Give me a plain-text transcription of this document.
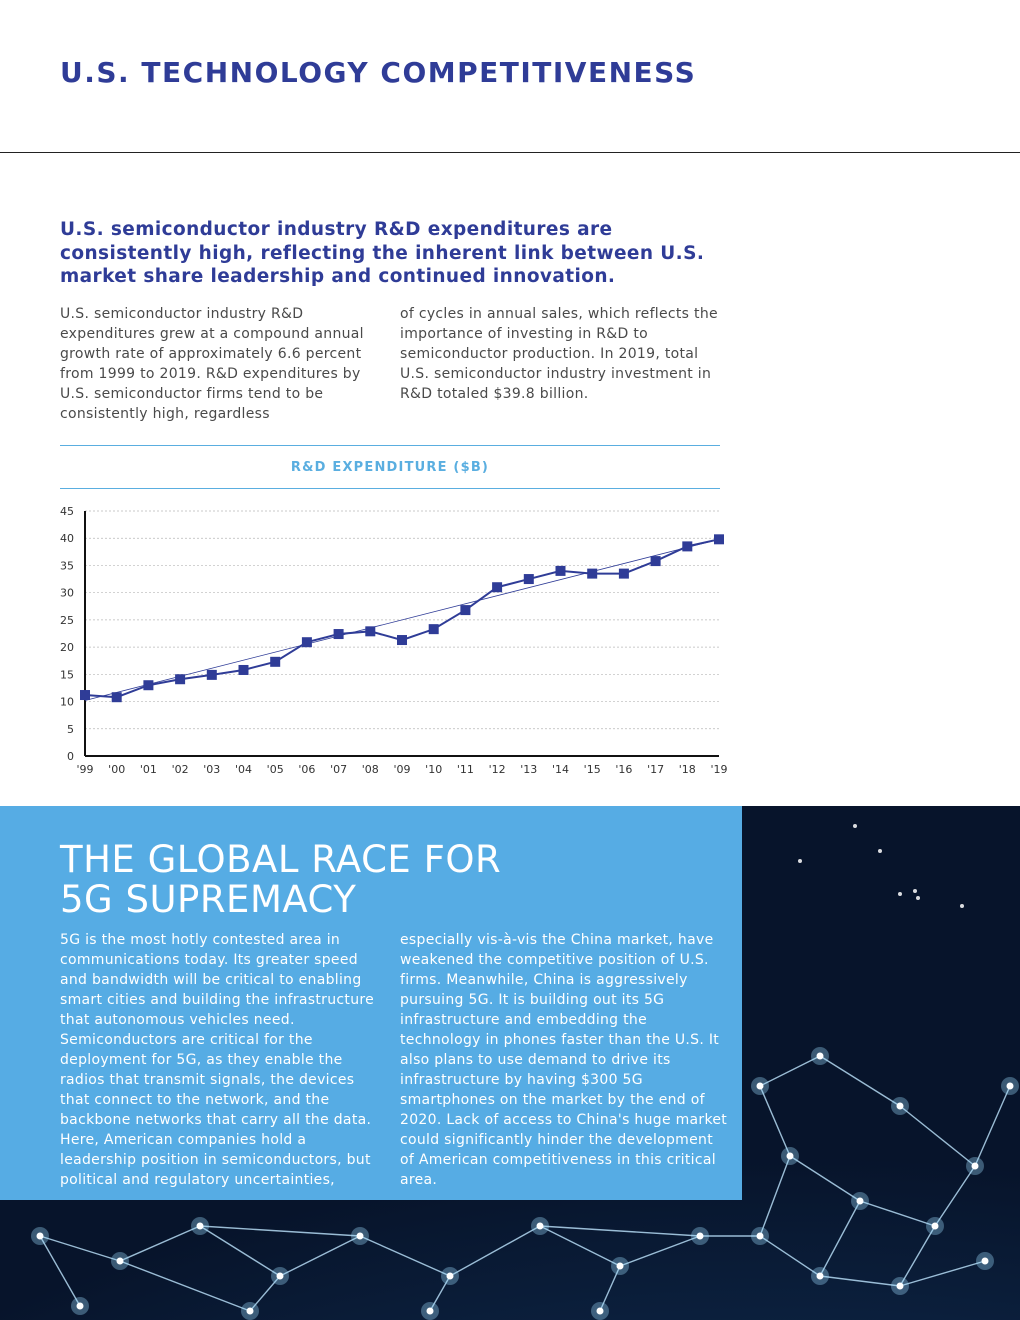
U.S. TECHNOLOGY COMPETITIVENESS
U.S. semiconductor industry R&D expenditures are consistently high, reflecting the inherent link between U.S. market share leadership and continued innovation.

U.S. semiconductor industry R&D expenditures grew at a compound annual growth rate of approximately 6.6 percent from 1999 to 2019. R&D expenditures by U.S. semiconductor firms tend to be consistently high, regardless

of cycles in annual sales, which reflects the importance of investing in R&D to semiconductor production. In 2019, total U.S. semiconductor industry investment in R&D totaled $39.8 billion.

R&D EXPENDITURE ($B)
0
5
10
15
20
25
30
35
40
45
'99 '00 '01 '02 '03 '04 '05 '06 '07 '08 '09 '10 '11 '12 '13 '14 '15 '16 '17 '18 '19
THE GLOBAL RACE FOR
5G SUPREMACY

5G is the most hotly contested area in communications today. Its greater speed and bandwidth will be critical to enabling smart cities and building the infrastructure that autonomous vehicles need. Semiconductors are critical for the deployment for 5G, as they enable the radios that transmit signals, the devices that connect to the network, and the backbone networks that carry all the data. Here, American companies hold a leadership position in semiconductors, but political and regulatory uncertainties,

especially vis-à-vis the China market, have weakened the competitive position of U.S. firms. Meanwhile, China is aggressively pursuing 5G. It is building out its 5G infrastructure and embedding the technology in phones faster than the U.S. It also plans to use demand to drive its infrastructure by having $300 5G smartphones on the market by the end of 2020. Lack of access to China's huge market could significantly hinder the development of American competitiveness in this critical area.
